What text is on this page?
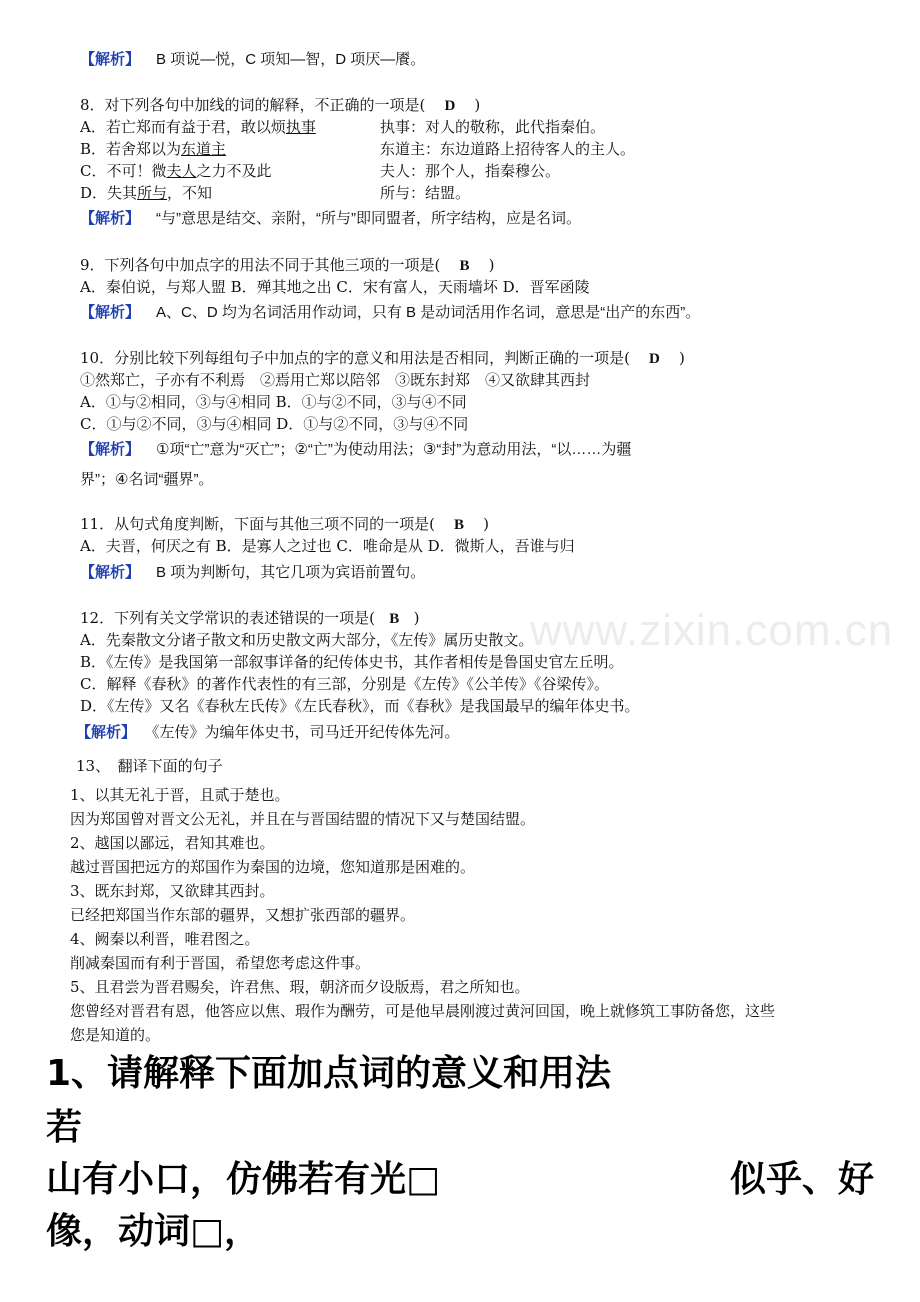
www.zixin.com.cn
【解析】 B 项说—悦，C 项知—智，D 项厌—餍。
8．对下列各句中加线的词的解释，不正确的一项是( D )
A．若亡郑而有益于君，敢以烦执事	执事：对人的敬称，此代指秦伯。
B．若舍郑以为东道主	东道主：东边道路上招待客人的主人。
C．不可！微夫人之力不及此	夫人：那个人，指秦穆公。
D．失其所与，不知	所与：结盟。
【解析】 “与”意思是结交、亲附，“所与”即同盟者，所字结构，应是名词。
9．下列各句中加点字的用法不同于其他三项的一项是( B )
A．秦伯说，与郑人盟 B．殚其地之出 C．宋有富人，天雨墙坏 D．晋军函陵
【解析】 A、C、D 均为名词活用作动词，只有 B 是动词活用作名词，意思是“出产的东西”。
10．分别比较下列每组句子中加点的字的意义和用法是否相同，判断正确的一项是( D )
①然郑亡，子亦有不利焉　②焉用亡郑以陪邻　③既东封郑　④又欲肆其西封
A．①与②相同，③与④相同 B．①与②不同，③与④不同
C．①与②不同，③与④相同 D．①与②不同，③与④不同
【解析】 ①项“亡”意为“灭亡”；②“亡”为使动用法；③“封”为意动用法，“以……为疆
界”；④名词“疆界”。
11．从句式角度判断，下面与其他三项不同的一项是( B )
A．夫晋，何厌之有 B．是寡人之过也 C．唯命是从 D．微斯人，吾谁与归
【解析】 B 项为判断句，其它几项为宾语前置句。
12．下列有关文学常识的表述错误的一项是( B )
A．先秦散文分诸子散文和历史散文两大部分，《左传》属历史散文。
B．《左传》是我国第一部叙事详备的纪传体史书，其作者相传是鲁国史官左丘明。
C．解释《春秋》的著作代表性的有三部，分别是《左传》《公羊传》《谷梁传》。
D．《左传》又名《春秋左氏传》《左氏春秋》，而《春秋》是我国最早的编年体史书。
【解析】 《左传》为编年体史书，司马迁开纪传体先河。
13、　翻译下面的句子
1、以其无礼于晋，且贰于楚也。
因为郑国曾对晋文公无礼，并且在与晋国结盟的情况下又与楚国结盟。
2、越国以鄙远，君知其难也。
越过晋国把远方的郑国作为秦国的边境，您知道那是困难的。
3、既东封郑，又欲肆其西封。
已经把郑国当作东部的疆界，又想扩张西部的疆界。
4、阙秦以利晋，唯君图之。
削减秦国而有利于晋国，希望您考虑这件事。
5、且君尝为晋君赐矣，许君焦、瑕，朝济而夕设版焉，君之所知也。
您曾经对晋君有恩，他答应以焦、瑕作为酬劳，可是他早晨刚渡过黄河回国，晚上就修筑工事防备您，这些
您是知道的。
1、请解释下面加点词的意义和用法
若
山有小口，仿佛若有光□	似乎、好
像，动词□，
